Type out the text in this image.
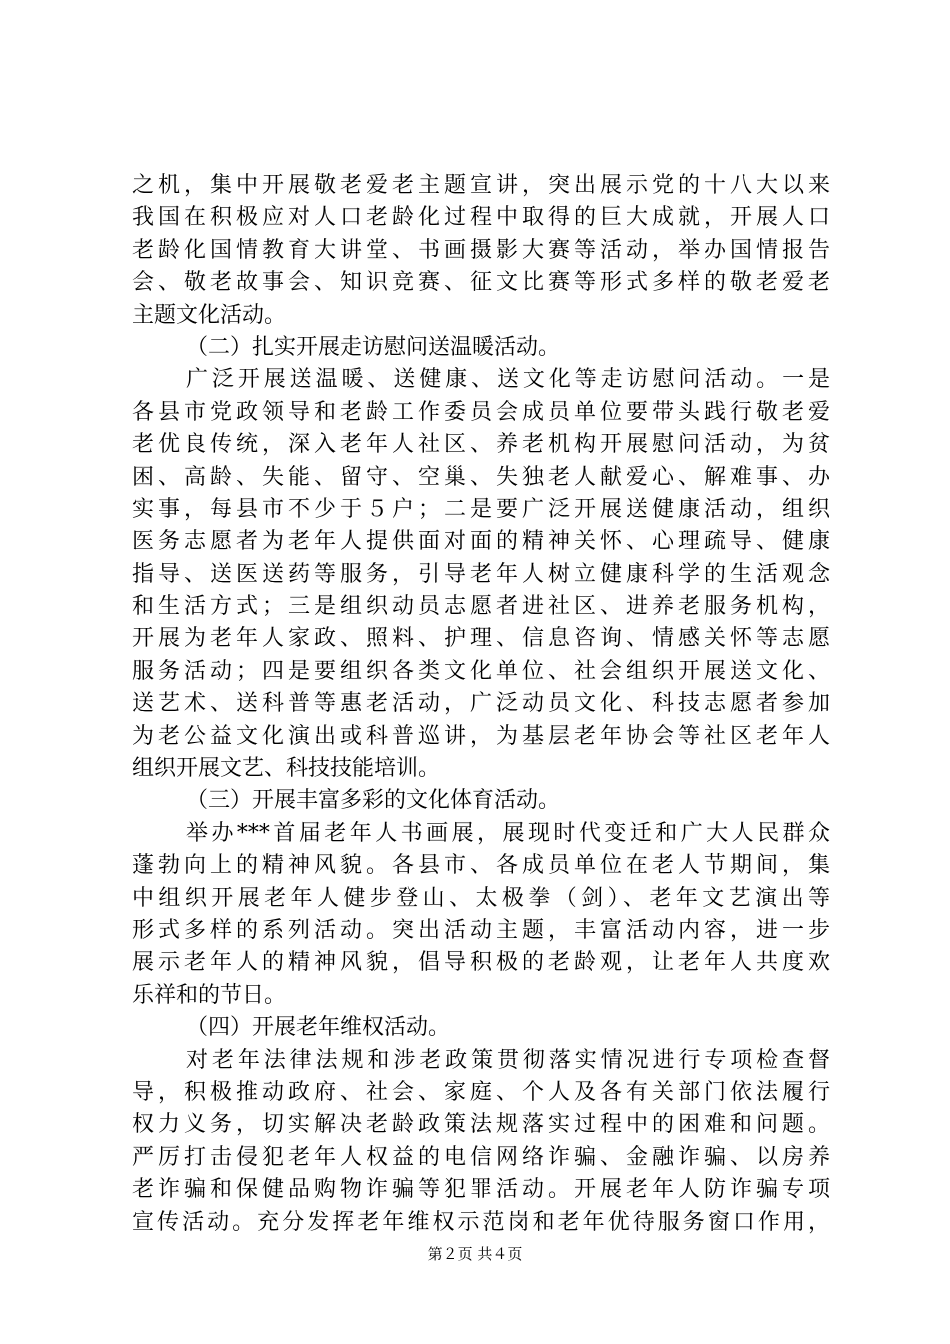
之机，集中开展敬老爱老主题宣讲，突出展示党的十八大以来
我国在积极应对人口老龄化过程中取得的巨大成就，开展人口
老龄化国情教育大讲堂、书画摄影大赛等活动，举办国情报告
会、敬老故事会、知识竞赛、征文比赛等形式多样的敬老爱老
主题文化活动。
（二）扎实开展走访慰问送温暖活动。
广泛开展送温暖、送健康、送文化等走访慰问活动。一是
各县市党政领导和老龄工作委员会成员单位要带头践行敬老爱
老优良传统，深入老年人社区、养老机构开展慰问活动，为贫
困、高龄、失能、留守、空巢、失独老人献爱心、解难事、办
实事，每县市不少于５户；二是要广泛开展送健康活动，组织
医务志愿者为老年人提供面对面的精神关怀、心理疏导、健康
指导、送医送药等服务，引导老年人树立健康科学的生活观念
和生活方式；三是组织动员志愿者进社区、进养老服务机构，
开展为老年人家政、照料、护理、信息咨询、情感关怀等志愿
服务活动；四是要组织各类文化单位、社会组织开展送文化、
送艺术、送科普等惠老活动，广泛动员文化、科技志愿者参加
为老公益文化演出或科普巡讲，为基层老年协会等社区老年人
组织开展文艺、科技技能培训。
（三）开展丰富多彩的文化体育活动。
举办***首届老年人书画展，展现时代变迁和广大人民群众
蓬勃向上的精神风貌。各县市、各成员单位在老人节期间，集
中组织开展老年人健步登山、太极拳（剑）、老年文艺演出等
形式多样的系列活动。突出活动主题，丰富活动内容，进一步
展示老年人的精神风貌，倡导积极的老龄观，让老年人共度欢
乐祥和的节日。
（四）开展老年维权活动。
对老年法律法规和涉老政策贯彻落实情况进行专项检查督
导，积极推动政府、社会、家庭、个人及各有关部门依法履行
权力义务，切实解决老龄政策法规落实过程中的困难和问题。
严厉打击侵犯老年人权益的电信网络诈骗、金融诈骗、以房养
老诈骗和保健品购物诈骗等犯罪活动。开展老年人防诈骗专项
宣传活动。充分发挥老年维权示范岗和老年优待服务窗口作用，
第２页 共４页
